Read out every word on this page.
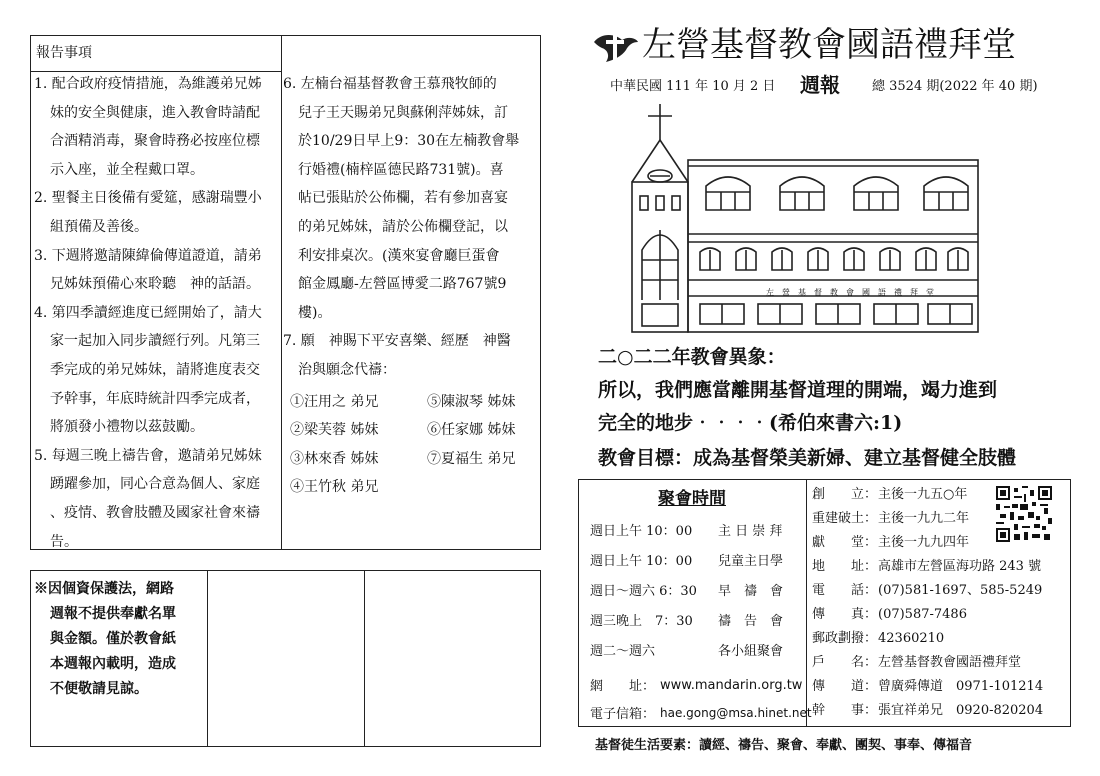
報告事項
1. 配合政府疫情措施，為維護弟兄姊
妹的安全與健康，進入教會時請配
合酒精消毒，聚會時務必按座位標
示入座，並全程戴口罩。
2. 聖餐主日後備有愛筵，感謝瑞豐小
組預備及善後。
3. 下週將邀請陳緯倫傳道證道，請弟
兄姊妹預備心來聆聽　神的話語。
4. 第四季讀經進度已經開始了，請大
家一起加入同步讀經行列。凡第三
季完成的弟兄姊妹，請將進度表交
予幹事，年底時統計四季完成者，
將頒發小禮物以茲鼓勵。
5. 每週三晚上禱告會，邀請弟兄姊妹
踴躍參加，同心合意為個人、家庭
、疫情、教會肢體及國家社會來禱
告。
6. 左楠台福基督教會王慕飛牧師的
兒子王天賜弟兄與蘇俐萍姊妹，訂
於10/29日早上9：30在左楠教會舉
行婚禮(楠梓區德民路731號)。喜
帖已張貼於公佈欄，若有參加喜宴
的弟兄姊妹，請於公佈欄登記，以
利安排桌次。(漢來宴會廳巨蛋會
館金鳳廳-左營區博愛二路767號9
樓)。
7. 願　神賜下平安喜樂、經歷　神醫
治與願念代禱：
①汪用之 弟兄	⑤陳淑琴 姊妹
②梁芙蓉 姊妹	⑥任家娜 姊妹
③林來香 姊妹	⑦夏福生 弟兄
④王竹秋 弟兄
※因個資保護法，網路
週報不提供奉獻名單
與金額。僅於教會紙
本週報內載明，造成
不便敬請見諒。
左營基督教會國語禮拜堂
中華民國 111 年 10 月 2 日 週報 總 3524 期(2022 年 40 期)
左　營　基　督　教　會　國　語　禮　拜　堂
二○二二年教會異象：
所以，我們應當離開基督道理的開端，竭力進到
完全的地步‧‧‧‧(希伯來書六:1)
教會目標：成為基督榮美新婦、建立基督健全肢體
聚會時間
週日上午 10：00 主 日 崇 拜
週日上午 10：00 兒童主日學
週日～週六 6：30 早　禱　會
週三晚上　7：30 禱　告　會
週二～週六	各小組聚會
網　　址： www.mandarin.org.tw
電子信箱： hae.gong@msa.hinet.net
創　　立： 主後一九五○年
重建破土： 主後一九九二年
獻　　堂： 主後一九九四年
地　　址： 高雄市左營區海功路 243 號
電　　話： (07)581-1697、585-5249
傳　　真： (07)587-7486
郵政劃撥： 42360210
戶　　名： 左營基督教會國語禮拜堂
傳　　道： 曾廣舜傳道　0971-101214
幹　　事： 張宜祥弟兄　0920-820204
基督徒生活要素：讀經、禱告、聚會、奉獻、團契、事奉、傳福音
